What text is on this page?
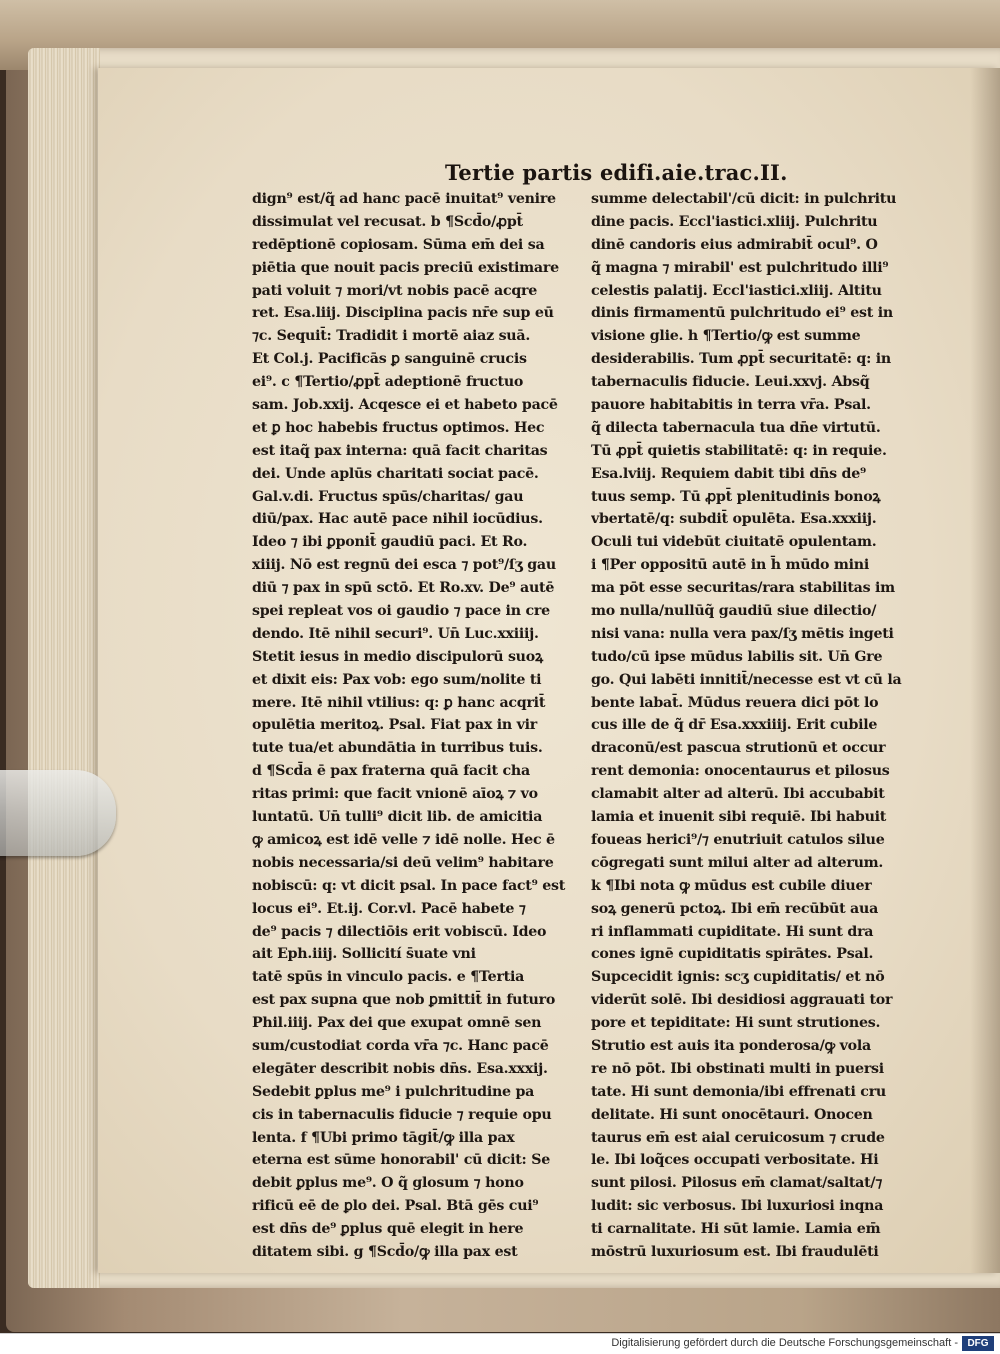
Tertie partis edifi.aie.trac.II.
dign⁹ est/q̃ ad hanc pacē inuitat⁹ venire
dissimulat vel recusat. b ¶Scd̄o/ꝓpt̄
redēptionē copiosam. Sūma em̄ dei sa
piētia que nouit pacis preciū existimare
pati voluit ⁊ mori/vt nobis pacē acqre
ret. Esa.liij. Disciplina pacis nr̄e sup eū
⁊c. Sequit̄: Tradidit i mortē aiaz suā.
Et Col.j. Pacificās ꝑ sanguinē crucis
ei⁹. c ¶Tertio/ꝓpt̄ adeptionē fructuo
sam. Job.xxij. Acqesce ei et habeto pacē
et ꝑ hoc habebis fructus optimos. Hec
est itaq̃ pax interna: quā facit charitas
dei. Unde aplūs charitati sociat pacē.
Gal.v.di. Fructus spūs/charitas/ gau
diū/pax. Hac autē pace nihil iocūdius.
Ideo ⁊ ibi ꝑponit̄ gaudiū paci. Et Ro.
xiiij. Nō est regnū dei esca ⁊ pot⁹/ſʒ gau
diū ⁊ pax in spū sctō. Et Ro.xv. De⁹ autē
spei repleat vos oi gaudio ⁊ pace in cre
dendo. Itē nihil securi⁹. Un̄ Luc.xxiiij.
Stetit iesus in medio discipulorū suoꝝ
et dixit eis: Pax vob: ego sum/nolite ti
mere. Itē nihil vtilius: q: ꝑ hanc acqrit̄
opulētia meritoꝝ. Psal. Fiat pax in vir
tute tua/et abundātia in turribus tuis.
d ¶Scd̄a ē pax fraterna quā facit cha
ritas primi: que facit vnionē aīoꝝ ⁊ vo
luntatū. Un̄ tulli⁹ dicit lib. de amicitia
ꝙ amicoꝝ est idē velle ⁊ idē nolle. Hec ē
nobis necessaria/si deū velim⁹ habitare
nobiscū: q: vt dicit psal. In pace fact⁹ est
locus ei⁹. Et.ij. Cor.vl. Pacē habete ⁊
de⁹ pacis ⁊ dilectiōis erit vobiscū. Ideo
ait Eph.iiij. Sollicití s̄uate vni
tatē spūs in vinculo pacis. e ¶Tertia
est pax supna que nob ꝑmittit̄ in futuro
Phil.iiij. Pax dei que exupat omnē sen
sum/custodiat corda vr̄a ⁊c. Hanc pacē
elegāter describit nobis dn̄s. Esa.xxxij.
Sedebit ꝑplus me⁹ i pulchritudine pa
cis in tabernaculis fiducie ⁊ requie opu
lenta. f ¶Ubi primo tāgit̄/ꝙ illa pax
eterna est sūme honorabil' cū dicit: Se
debit ꝑplus me⁹. O q̃ glosum ⁊ hono
rificū eē de ꝑlo dei. Psal. Btā gēs cui⁹
est dn̄s de⁹ ꝑplus quē elegit in here
ditatem sibi. g ¶Scd̄o/ꝙ illa pax est
summe delectabil'/cū dicit: in pulchritu
dine pacis. Eccl'iastici.xliij. Pulchritu
dinē candoris eius admirabit̄ ocul⁹. O
q̃ magna ⁊ mirabil' est pulchritudo illi⁹
celestis palatij. Eccl'iastici.xliij. Altitu
dinis firmamentū pulchritudo ei⁹ est in
visione glie. h ¶Tertio/ꝙ est summe
desiderabilis. Tum ꝓpt̄ securitatē: q: in
tabernaculis fiducie. Leui.xxvj. Absq̃
pauore habitabitis in terra vr̄a. Psal.
q̃ dilecta tabernacula tua dn̄e virtutū.
Tū ꝓpt̄ quietis stabilitatē: q: in requie.
Esa.lviij. Requiem dabit tibi dn̄s de⁹
tuus semp. Tū ꝓpt̄ plenitudinis bonoꝝ
vbertatē/q: subdit̄ opulēta. Esa.xxxiij.
Oculi tui videbūt ciuitatē opulentam.
i ¶Per oppositū autē in h̄ mūdo mini
ma pōt esse securitas/rara stabilitas im
mo nulla/nullūq̃ gaudiū siue dilectio/
nisi vana: nulla vera pax/ſʒ mētis ingeti
tudo/cū ipse mūdus labilis sit. Un̄ Gre
go. Qui labēti innitit̄/necesse est vt cū la
bente labat̄. Mūdus reuera dici pōt lo
cus ille de q̃ dr̄ Esa.xxxiiij. Erit cubile
draconū/est pascua strutionū et occur
rent demonia: onocentaurus et pilosus
clamabit alter ad alterū. Ibi accubabit
lamia et inuenit sibi requiē. Ibi habuit
foueas herici⁹/⁊ enutriuit catulos silue
cōgregati sunt milui alter ad alterum.
k ¶Ibi nota ꝙ mūdus est cubile diuer
soꝝ generū pctoꝝ. Ibi em̄ recūbūt aua
ri inflammati cupiditate. Hi sunt dra
cones ignē cupiditatis spirātes. Psal.
Supcecidit ignis: scʒ cupiditatis/ et nō
viderūt solē. Ibi desidiosi aggrauati tor
pore et tepiditate: Hi sunt strutiones.
Strutio est auis ita ponderosa/ꝙ vola
re nō pōt. Ibi obstinati multi in puersi
tate. Hi sunt demonia/ibi effrenati cru
delitate. Hi sunt onocētauri. Onocen
taurus em̄ est aial ceruicosum ⁊ crude
le. Ibi loq̃ces occupati verbositate. Hi
sunt pilosi. Pilosus em̄ clamat/saltat/⁊
ludit: sic verbosus. Ibi luxuriosi inqna
ti carnalitate. Hi sūt lamie. Lamia em̄
mōstrū luxuriosum est. Ibi fraudulēti
Digitalisierung gefördert durch die Deutsche Forschungsgemeinschaft - DFG
